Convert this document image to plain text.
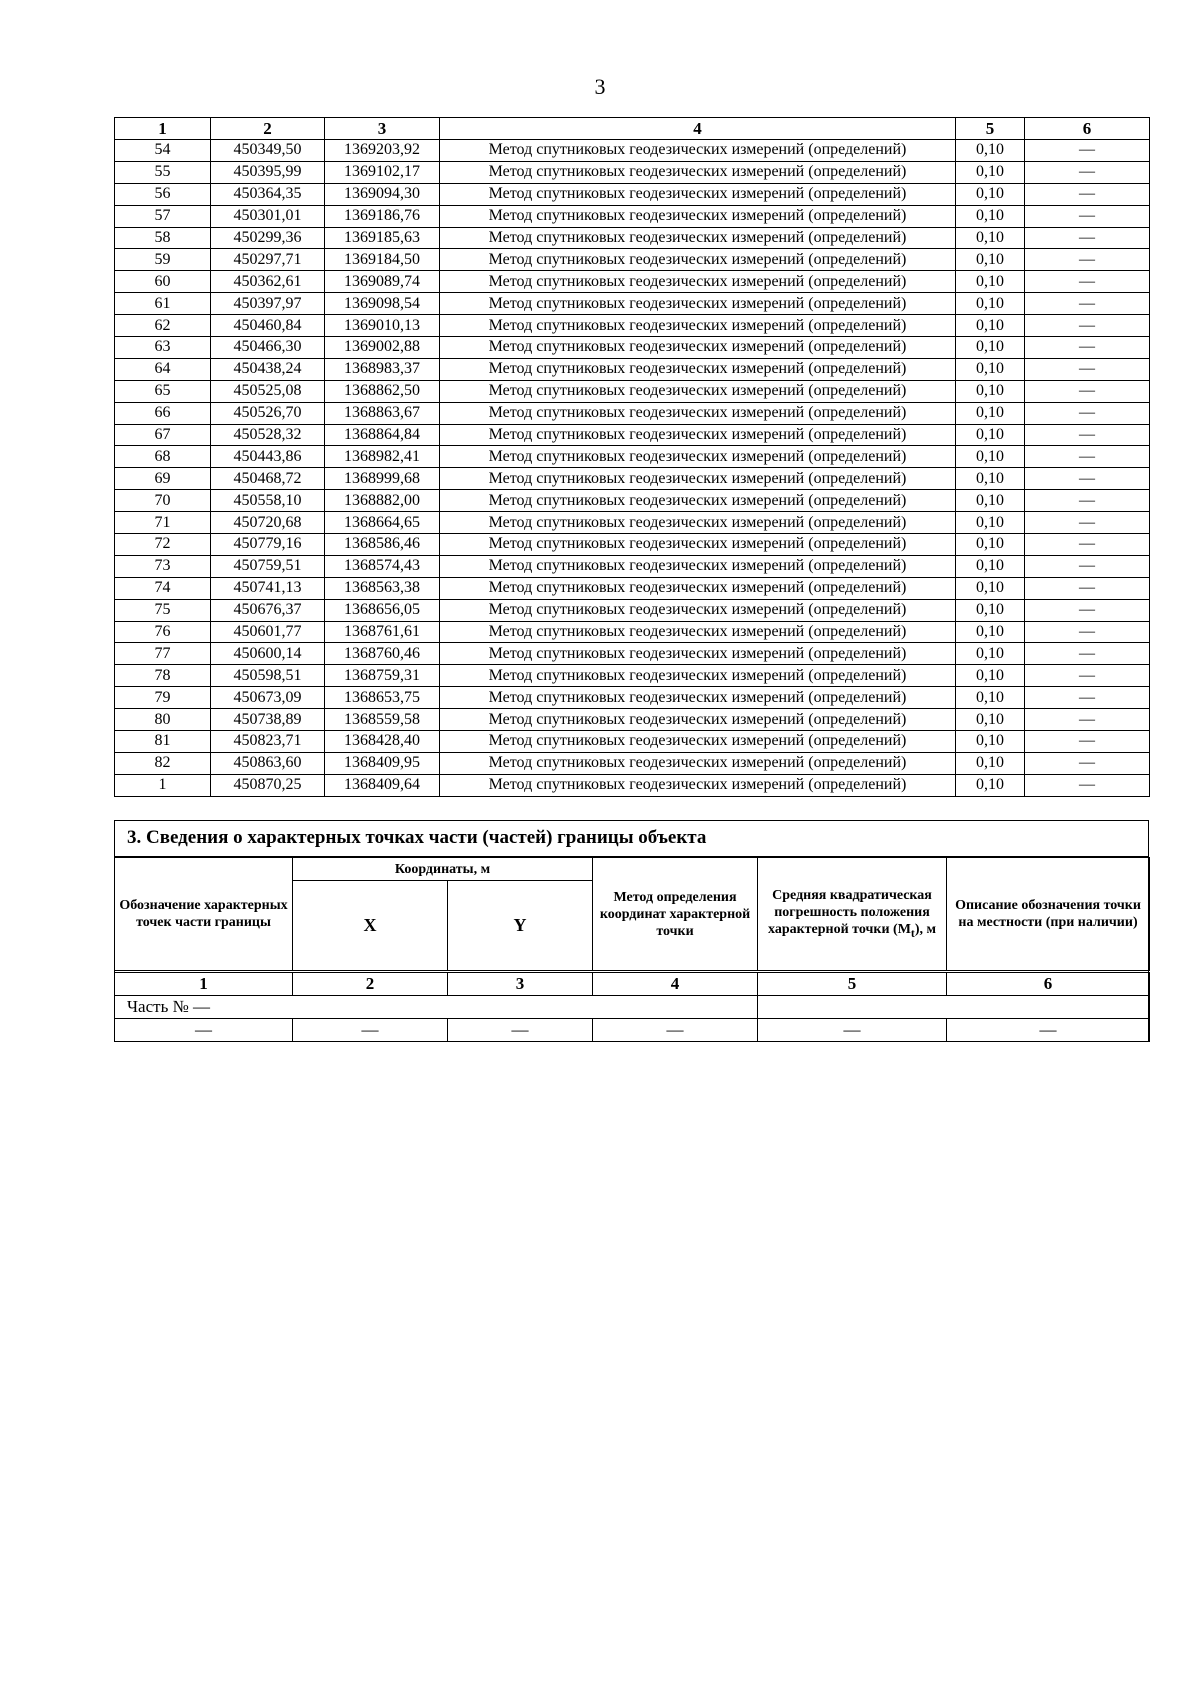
3
1	2	3	4	5	6
54	450349,50	1369203,92	Метод спутниковых геодезических измерений (определений)	0,10	—
55	450395,99	1369102,17	Метод спутниковых геодезических измерений (определений)	0,10	—
56	450364,35	1369094,30	Метод спутниковых геодезических измерений (определений)	0,10	—
57	450301,01	1369186,76	Метод спутниковых геодезических измерений (определений)	0,10	—
58	450299,36	1369185,63	Метод спутниковых геодезических измерений (определений)	0,10	—
59	450297,71	1369184,50	Метод спутниковых геодезических измерений (определений)	0,10	—
60	450362,61	1369089,74	Метод спутниковых геодезических измерений (определений)	0,10	—
61	450397,97	1369098,54	Метод спутниковых геодезических измерений (определений)	0,10	—
62	450460,84	1369010,13	Метод спутниковых геодезических измерений (определений)	0,10	—
63	450466,30	1369002,88	Метод спутниковых геодезических измерений (определений)	0,10	—
64	450438,24	1368983,37	Метод спутниковых геодезических измерений (определений)	0,10	—
65	450525,08	1368862,50	Метод спутниковых геодезических измерений (определений)	0,10	—
66	450526,70	1368863,67	Метод спутниковых геодезических измерений (определений)	0,10	—
67	450528,32	1368864,84	Метод спутниковых геодезических измерений (определений)	0,10	—
68	450443,86	1368982,41	Метод спутниковых геодезических измерений (определений)	0,10	—
69	450468,72	1368999,68	Метод спутниковых геодезических измерений (определений)	0,10	—
70	450558,10	1368882,00	Метод спутниковых геодезических измерений (определений)	0,10	—
71	450720,68	1368664,65	Метод спутниковых геодезических измерений (определений)	0,10	—
72	450779,16	1368586,46	Метод спутниковых геодезических измерений (определений)	0,10	—
73	450759,51	1368574,43	Метод спутниковых геодезических измерений (определений)	0,10	—
74	450741,13	1368563,38	Метод спутниковых геодезических измерений (определений)	0,10	—
75	450676,37	1368656,05	Метод спутниковых геодезических измерений (определений)	0,10	—
76	450601,77	1368761,61	Метод спутниковых геодезических измерений (определений)	0,10	—
77	450600,14	1368760,46	Метод спутниковых геодезических измерений (определений)	0,10	—
78	450598,51	1368759,31	Метод спутниковых геодезических измерений (определений)	0,10	—
79	450673,09	1368653,75	Метод спутниковых геодезических измерений (определений)	0,10	—
80	450738,89	1368559,58	Метод спутниковых геодезических измерений (определений)	0,10	—
81	450823,71	1368428,40	Метод спутниковых геодезических измерений (определений)	0,10	—
82	450863,60	1368409,95	Метод спутниковых геодезических измерений (определений)	0,10	—
1	450870,25	1368409,64	Метод спутниковых геодезических измерений (определений)	0,10	—
3. Сведения о характерных точках части (частей) границы объекта
Обозначение характерных точек части границы	Координаты, м		Метод определения координат характерной точки	Средняя квадратическая погрешность положения характерной точки $(M_t)$, м	Описание обозначения точки на местности (при наличии)
	X	Y			
1	2	3	4	5	6
Часть № —					
—	—	—	—	—	—
